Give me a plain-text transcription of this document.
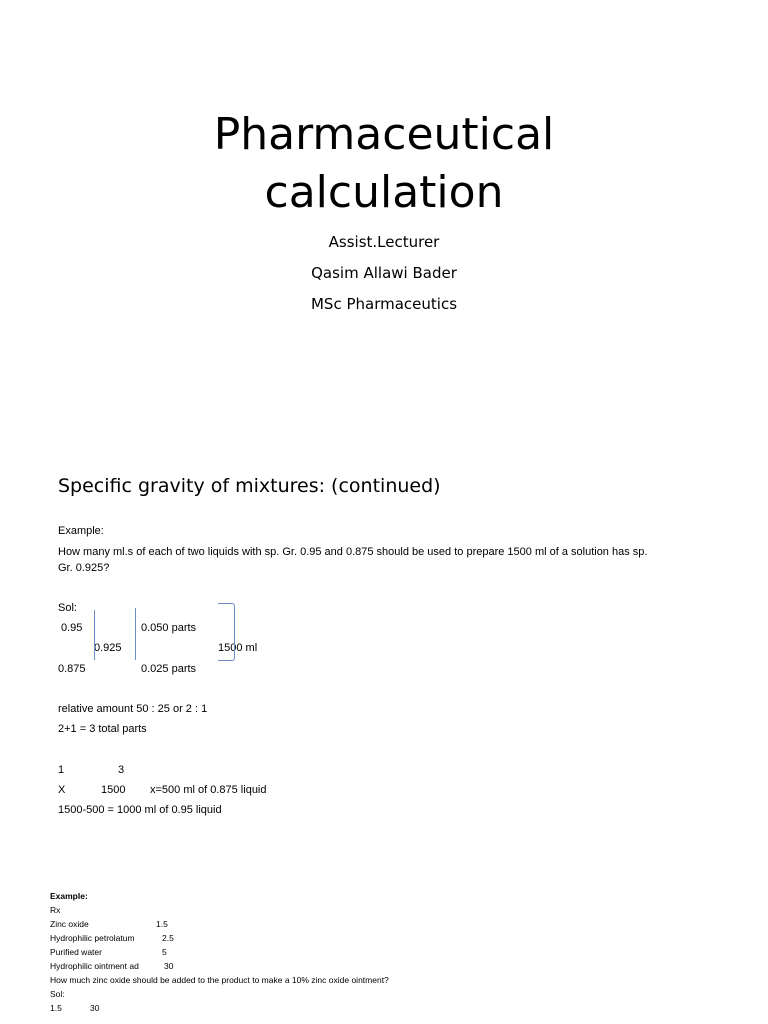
Pharmaceutical
calculation
Assist.Lecturer
Qasim Allawi Bader
MSc Pharmaceutics
Specific gravity of mixtures: (continued)
Example:
How many ml.s of each of two liquids with sp. Gr. 0.95 and 0.875 should be used to prepare 1500 ml of a solution has sp.
Gr. 0.925?
Sol:
0.95	0.050 parts
0.925	1500 ml
0.875	0.025 parts
relative amount 50 : 25 or 2 : 1
2+1 = 3 total parts
1	3
X	1500 x=500 ml of 0.875 liquid
1500-500 = 1000 ml of 0.95 liquid
Example:
Rx
Zinc oxide	1.5
Hydrophilic petrolatum	2.5
Purified water	5
Hydrophilic ointment ad	30
How much zinc oxide should be added to the product to make a 10% zinc oxide ointment?
Sol:
1.5	30
